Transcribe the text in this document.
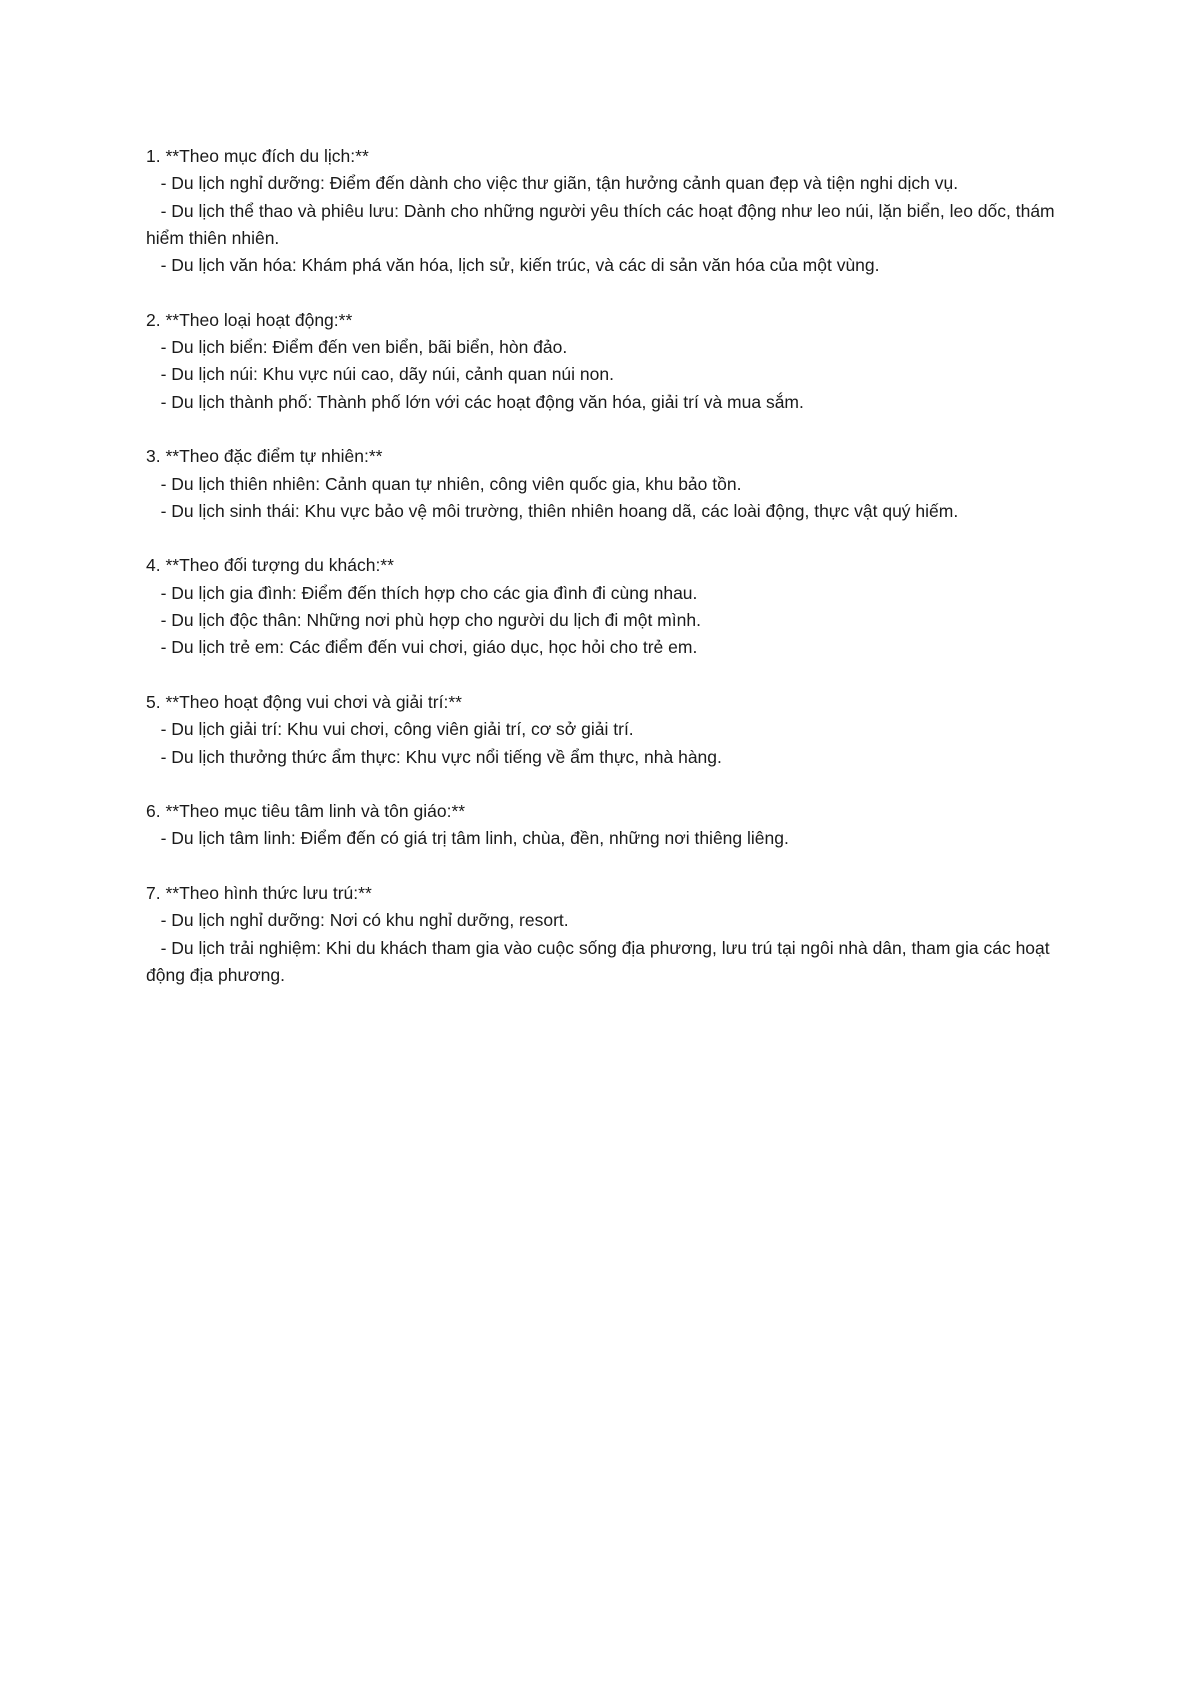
1. **Theo mục đích du lịch:**

- Du lịch nghỉ dưỡng: Điểm đến dành cho việc thư giãn, tận hưởng cảnh quan đẹp và tiện nghi dịch vụ.

- Du lịch thể thao và phiêu lưu: Dành cho những người yêu thích các hoạt động như leo núi, lặn biển, leo dốc, thám hiểm thiên nhiên.

- Du lịch văn hóa: Khám phá văn hóa, lịch sử, kiến trúc, và các di sản văn hóa của một vùng.

2. **Theo loại hoạt động:**

- Du lịch biển: Điểm đến ven biển, bãi biển, hòn đảo.

- Du lịch núi: Khu vực núi cao, dãy núi, cảnh quan núi non.

- Du lịch thành phố: Thành phố lớn với các hoạt động văn hóa, giải trí và mua sắm.

3. **Theo đặc điểm tự nhiên:**

- Du lịch thiên nhiên: Cảnh quan tự nhiên, công viên quốc gia, khu bảo tồn.

- Du lịch sinh thái: Khu vực bảo vệ môi trường, thiên nhiên hoang dã, các loài động, thực vật quý hiếm.

4. **Theo đối tượng du khách:**

- Du lịch gia đình: Điểm đến thích hợp cho các gia đình đi cùng nhau.

- Du lịch độc thân: Những nơi phù hợp cho người du lịch đi một mình.

- Du lịch trẻ em: Các điểm đến vui chơi, giáo dục, học hỏi cho trẻ em.

5. **Theo hoạt động vui chơi và giải trí:**

- Du lịch giải trí: Khu vui chơi, công viên giải trí, cơ sở giải trí.

- Du lịch thưởng thức ẩm thực: Khu vực nổi tiếng về ẩm thực, nhà hàng.

6. **Theo mục tiêu tâm linh và tôn giáo:**

- Du lịch tâm linh: Điểm đến có giá trị tâm linh, chùa, đền, những nơi thiêng liêng.

7. **Theo hình thức lưu trú:**

- Du lịch nghỉ dưỡng: Nơi có khu nghỉ dưỡng, resort.

- Du lịch trải nghiệm: Khi du khách tham gia vào cuộc sống địa phương, lưu trú tại ngôi nhà dân, tham gia các hoạt động địa phương.
